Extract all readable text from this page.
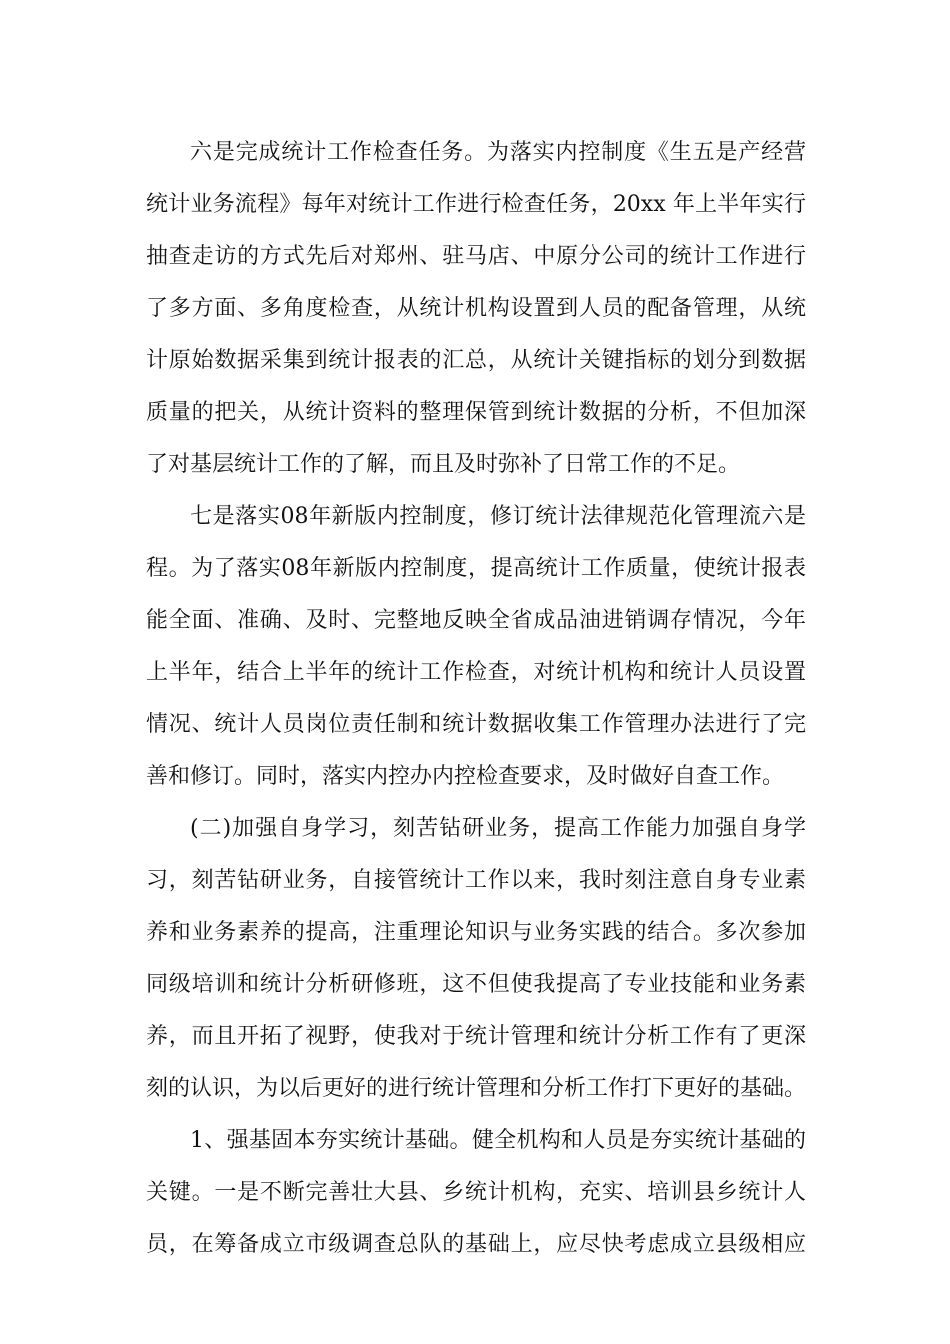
六是完成统计工作检查任务。为落实内控制度《生五是产经营
统计业务流程》每年对统计工作进行检查任务，20xx 年上半年实行
抽查走访的方式先后对郑州、驻马店、中原分公司的统计工作进行
了多方面、多角度检查，从统计机构设置到人员的配备管理，从统
计原始数据采集到统计报表的汇总，从统计关键指标的划分到数据
质量的把关，从统计资料的整理保管到统计数据的分析，不但加深
了对基层统计工作的了解，而且及时弥补了日常工作的不足。
七是落实08年新版内控制度，修订统计法律规范化管理流六是
程。为了落实08年新版内控制度，提高统计工作质量，使统计报表
能全面、准确、及时、完整地反映全省成品油进销调存情况，今年
上半年，结合上半年的统计工作检查，对统计机构和统计人员设置
情况、统计人员岗位责任制和统计数据收集工作管理办法进行了完
善和修订。同时，落实内控办内控检查要求，及时做好自查工作。
(二)加强自身学习，刻苦钻研业务，提高工作能力加强自身学
习，刻苦钻研业务，自接管统计工作以来，我时刻注意自身专业素
养和业务素养的提高，注重理论知识与业务实践的结合。多次参加
同级培训和统计分析研修班，这不但使我提高了专业技能和业务素
养，而且开拓了视野，使我对于统计管理和统计分析工作有了更深
刻的认识，为以后更好的进行统计管理和分析工作打下更好的基础。
1、强基固本夯实统计基础。健全机构和人员是夯实统计基础的
关键。一是不断完善壮大县、乡统计机构，充实、培训县乡统计人
员，在筹备成立市级调查总队的基础上，应尽快考虑成立县级相应
